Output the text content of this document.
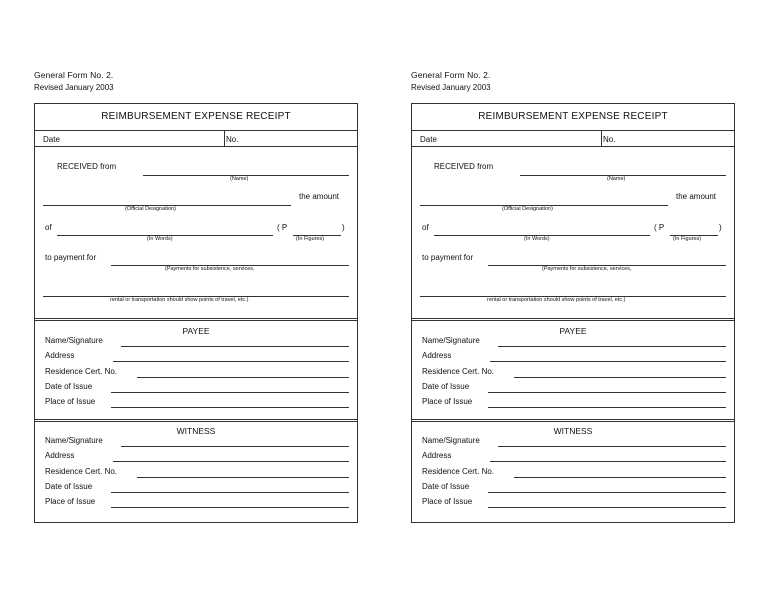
General Form No. 2.
Revised January 2003
REIMBURSEMENT EXPENSE RECEIPT
Date	No.
RECEIVED from
(Name)
the amount
(Official Designation)
of	( P	)
(In Words)	(In Figures)
to payment for
(Payments for subsistence, services,
rental or transportation should show points of travel, etc.)
PAYEE
WITNESS
Name/Signature
Address
Residence Cert. No.
Date of Issue
Place of Issue
Name/Signature
Address
Residence Cert. No.
Date of Issue
Place of Issue
General Form No. 2.
Revised January 2003
REIMBURSEMENT EXPENSE RECEIPT
Date	No.
RECEIVED from
(Name)
the amount
(Official Designation)
of	( P	)
(In Words)	(In Figures)
to payment for
(Payments for subsistence, services,
rental or transportation should show points of travel, etc.)
PAYEE
WITNESS
Name/Signature
Address
Residence Cert. No.
Date of Issue
Place of Issue
Name/Signature
Address
Residence Cert. No.
Date of Issue
Place of Issue
